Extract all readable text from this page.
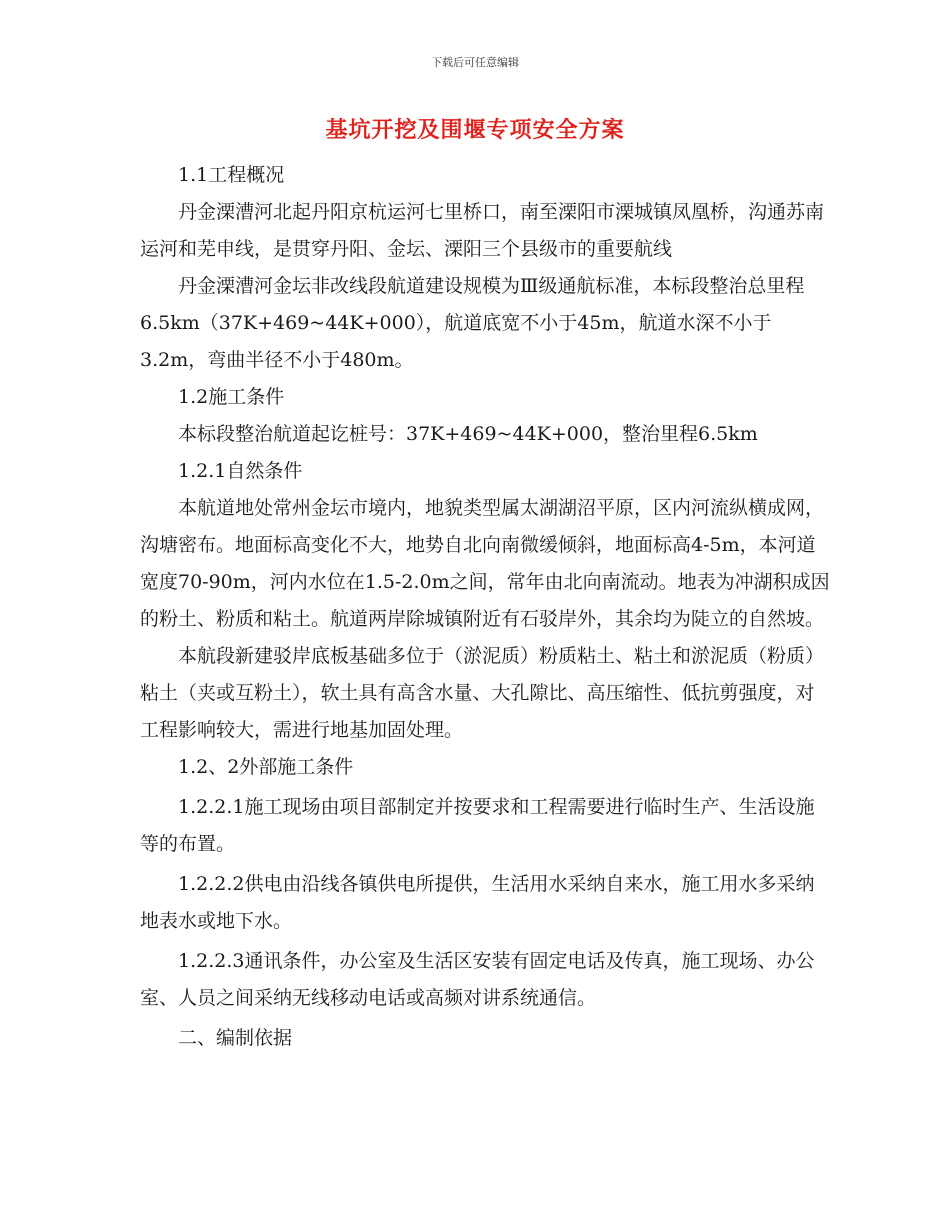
下载后可任意编辑
基坑开挖及围堰专项安全方案

1.1工程概况

丹金溧漕河北起丹阳京杭运河七里桥口，南至溧阳市溧城镇凤凰桥，沟通苏南运河和芜申线，是贯穿丹阳、金坛、溧阳三个县级市的重要航线

丹金溧漕河金坛非改线段航道建设规模为Ⅲ级通航标准，本标段整治总里程6.5km（37K+469~44K+000），航道底宽不小于45m，航道水深不小于3.2m，弯曲半径不小于480m。

1.2施工条件

本标段整治航道起讫桩号：37K+469~44K+000，整治里程6.5km

1.2.1自然条件

本航道地处常州金坛市境内，地貌类型属太湖湖沼平原，区内河流纵横成网，沟塘密布。地面标高变化不大，地势自北向南微缓倾斜，地面标高4-5m，本河道宽度70-90m，河内水位在1.5-2.0m之间，常年由北向南流动。地表为冲湖积成因的粉土、粉质和粘土。航道两岸除城镇附近有石驳岸外，其余均为陡立的自然坡。

本航段新建驳岸底板基础多位于（淤泥质）粉质粘土、粘土和淤泥质（粉质）粘土（夹或互粉土），软土具有高含水量、大孔隙比、高压缩性、低抗剪强度，对工程影响较大，需进行地基加固处理。

1.2、2外部施工条件

1.2.2.1施工现场由项目部制定并按要求和工程需要进行临时生产、生活设施等的布置。

1.2.2.2供电由沿线各镇供电所提供，生活用水采纳自来水，施工用水多采纳地表水或地下水。

1.2.2.3通讯条件，办公室及生活区安装有固定电话及传真，施工现场、办公室、人员之间采纳无线移动电话或高频对讲系统通信。

二、编制依据
